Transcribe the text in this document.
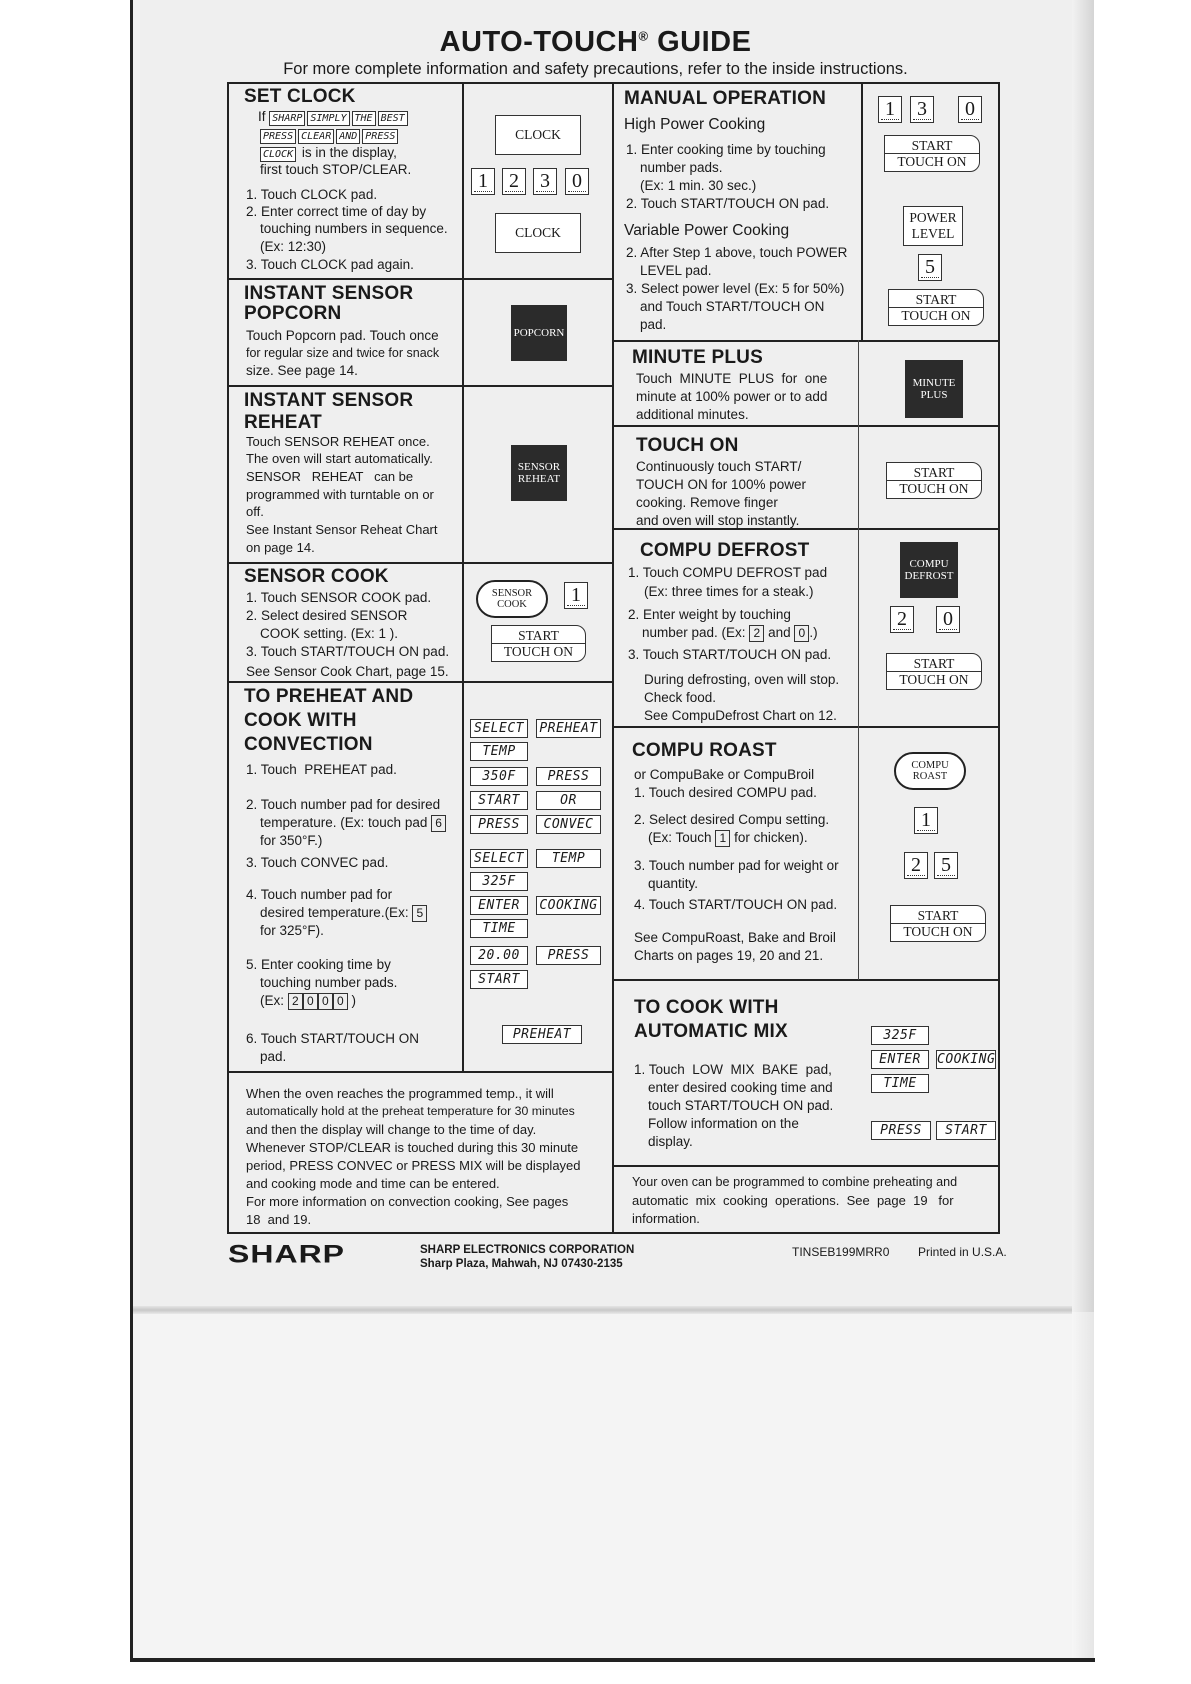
AUTO-TOUCH® GUIDE
For more complete information and safety precautions, refer to the inside instructions.
SET CLOCK
If SHARP SIMPLY THE BEST
PRESS CLEAR AND PRESS
CLOCK is in the display,
first touch STOP/CLEAR.
1. Touch CLOCK pad.
2. Enter correct time of day by
touching numbers in sequence.
(Ex: 12:30)
3. Touch CLOCK pad again.
CLOCK
1	2	3	0
CLOCK
INSTANT SENSOR
POPCORN
Touch Popcorn pad. Touch once
for regular size and twice for snack
size. See page 14.
POPCORN
INSTANT SENSOR
REHEAT
Touch SENSOR REHEAT once.
The oven will start automatically.
SENSOR   REHEAT   can be
programmed with turntable on or
off.
See Instant Sensor Reheat Chart
on page 14.
SENSOR
REHEAT
SENSOR COOK
1. Touch SENSOR COOK pad.
2. Select desired SENSOR
COOK setting. (Ex: 1 ).
3. Touch START/TOUCH ON pad.
See Sensor Cook Chart, page 15.
SENSOR
COOK	1
START
TOUCH ON
TO PREHEAT AND
COOK WITH
CONVECTION
1. Touch  PREHEAT pad.
2. Touch number pad for desired
temperature. (Ex: touch pad 6
for 350°F.)
3. Touch CONVEC pad.
4. Touch number pad for
desired temperature.(Ex: 5
for 325°F).
5. Enter cooking time by
touching number pads.
(Ex: 2 0 0 0 )
6. Touch START/TOUCH ON
pad.
SELECT	PREHEAT
TEMP
350F	PRESS
START	OR
PRESS	CONVEC
SELECT	TEMP
325F
ENTER	COOKING
TIME
20.00	PRESS
START
PREHEAT
When the oven reaches the programmed temp., it will
automatically hold at the preheat temperature for 30 minutes
and then the display will change to the time of day.
Whenever STOP/CLEAR is touched during this 30 minute
period, PRESS CONVEC or PRESS MIX will be displayed
and cooking mode and time can be entered.
For more information on convection cooking, See pages
18  and 19.
MANUAL OPERATION
High Power Cooking
1. Enter cooking time by touching
number pads.
(Ex: 1 min. 30 sec.)
2. Touch START/TOUCH ON pad.
Variable Power Cooking
2. After Step 1 above, touch POWER
LEVEL pad.
3. Select power level (Ex: 5 for 50%)
and Touch START/TOUCH ON
pad.
1	3	0
START
TOUCH ON
POWER
LEVEL
5
START
TOUCH ON
MINUTE PLUS
Touch  MINUTE  PLUS  for  one
minute at 100% power or to add
additional minutes.
MINUTE
PLUS
TOUCH ON
Continuously touch START/
TOUCH ON for 100% power
cooking. Remove finger
and oven will stop instantly.
START
TOUCH ON
COMPU DEFROST
1. Touch COMPU DEFROST pad
(Ex: three times for a steak.)
2. Enter weight by touching
number pad. (Ex: 2 and 0 .)
3. Touch START/TOUCH ON pad.
During defrosting, oven will stop.
Check food.
See CompuDefrost Chart on 12.
COMPU
DEFROST
2	0
START
TOUCH ON
COMPU ROAST
or CompuBake or CompuBroil
1. Touch desired COMPU pad.
2. Select desired Compu setting.
(Ex: Touch 1 for chicken).
3. Touch number pad for weight or
quantity.
4. Touch START/TOUCH ON pad.
See CompuRoast, Bake and Broil
Charts on pages 19, 20 and 21.
COMPU
ROAST
1
2	5
START
TOUCH ON
TO COOK WITH
AUTOMATIC MIX
1. Touch  LOW  MIX  BAKE  pad,
enter desired cooking time and
touch START/TOUCH ON pad.
Follow information on the
display.
325F
ENTER	COOKING
TIME
PRESS	START
Your oven can be programmed to combine preheating and
automatic  mix  cooking  operations.  See  page  19   for
information.
SHARP	SHARP ELECTRONICS CORPORATION
Sharp Plaza, Mahwah, NJ 07430-2135
TINSEB199MRR0 Printed in U.S.A.
